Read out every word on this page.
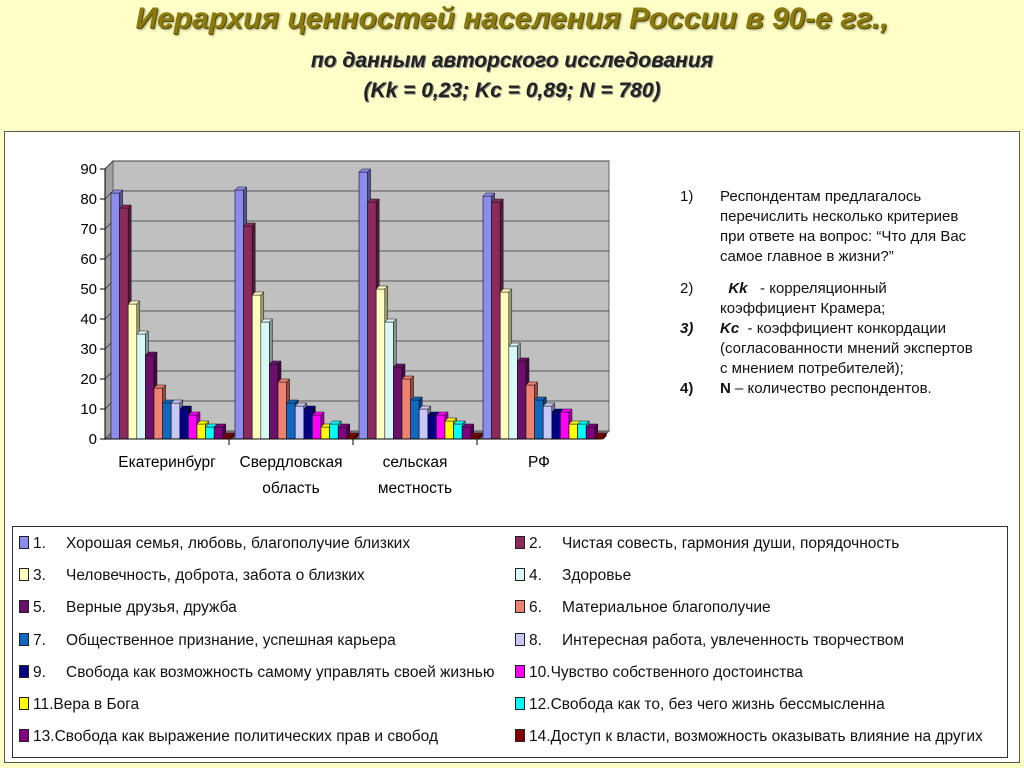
Иерархия ценностей населения России в 90-е гг.,
по данным авторского исследования
(Kk = 0,23; Kc = 0,89; N = 780)
0
10
20
30
40
50
60
70
80
90
Екатеринбург Свердловская
область
сельская
местность
РФ
1)	Респондентам предлагалось перечислить несколько критериев при ответе на вопрос: “Что для Вас самое главное в жизни?”
2)	Kk - корреляционный коэффициент Крамера;
3)	Kc - коэффициент конкордации (согласованности мнений экспертов с мнением потребителей);
4)	N – количество респондентов.
1. Хорошая семья, любовь, благополучие близких	2. Чистая совесть, гармония души, порядочность
3. Человечность, доброта, забота о близких	4. Здоровье
5. Верные друзья, дружба	6. Материальное благополучие
7. Общественное признание, успешная карьера	8. Интересная работа, увлеченность творчеством
9. Свобода как возможность самому управлять своей жизнью	10.Чувство собственного достоинства
11.Вера в Бога	12.Свобода как то, без чего жизнь бессмысленна
13.Свобода как выражение политических прав и свобод	14.Доступ к власти, возможность оказывать влияние на других
